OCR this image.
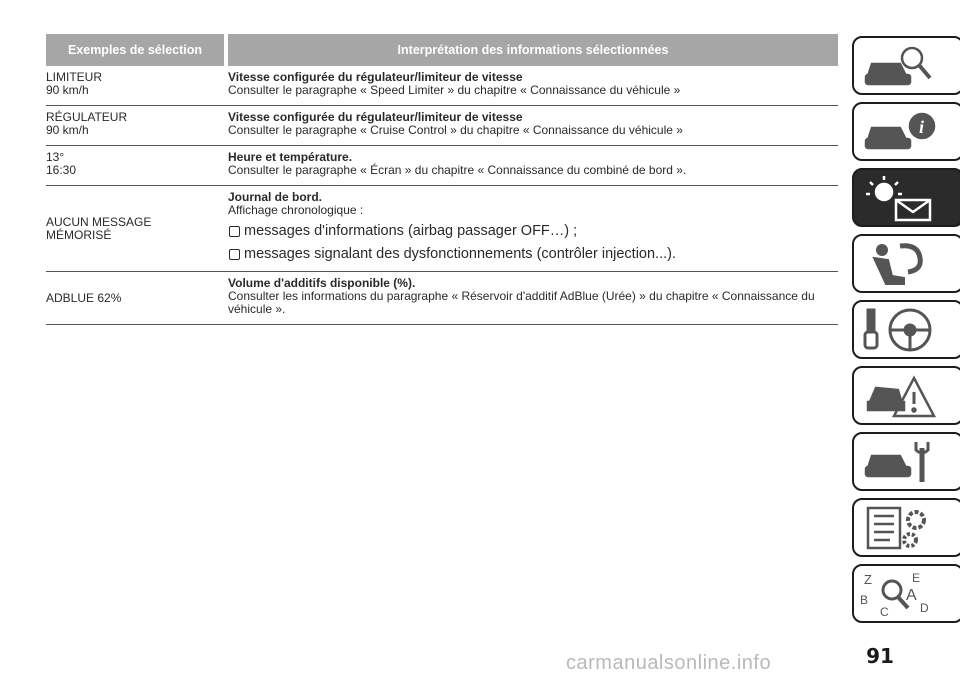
Exemples de sélection	Interprétation des informations sélectionnées
LIMITEUR
90 km/h
Vitesse configurée du régulateur/limiteur de vitesse
Consulter le paragraphe « Speed Limiter » du chapitre « Connaissance du véhicule »
RÉGULATEUR
90 km/h
Vitesse configurée du régulateur/limiteur de vitesse
Consulter le paragraphe « Cruise Control » du chapitre « Connaissance du véhicule »
13°
16:30
Heure et température.
Consulter le paragraphe « Écran » du chapitre « Connaissance du combiné de bord ».
AUCUN MESSAGE
MÉMORISÉ
Journal de bord.
Affichage chronologique :
messages d'informations (airbag passager OFF…) ;
messages signalant des dysfonctionnements (contrôler injection...).
ADBLUE 62%
Volume d'additifs disponible (%).
Consulter les informations du paragraphe « Réservoir d'additif AdBlue (Urée) » du chapitre « Connaissance du véhicule ».
i
Z	E
B A
D
C
91
carmanualsonline.info
